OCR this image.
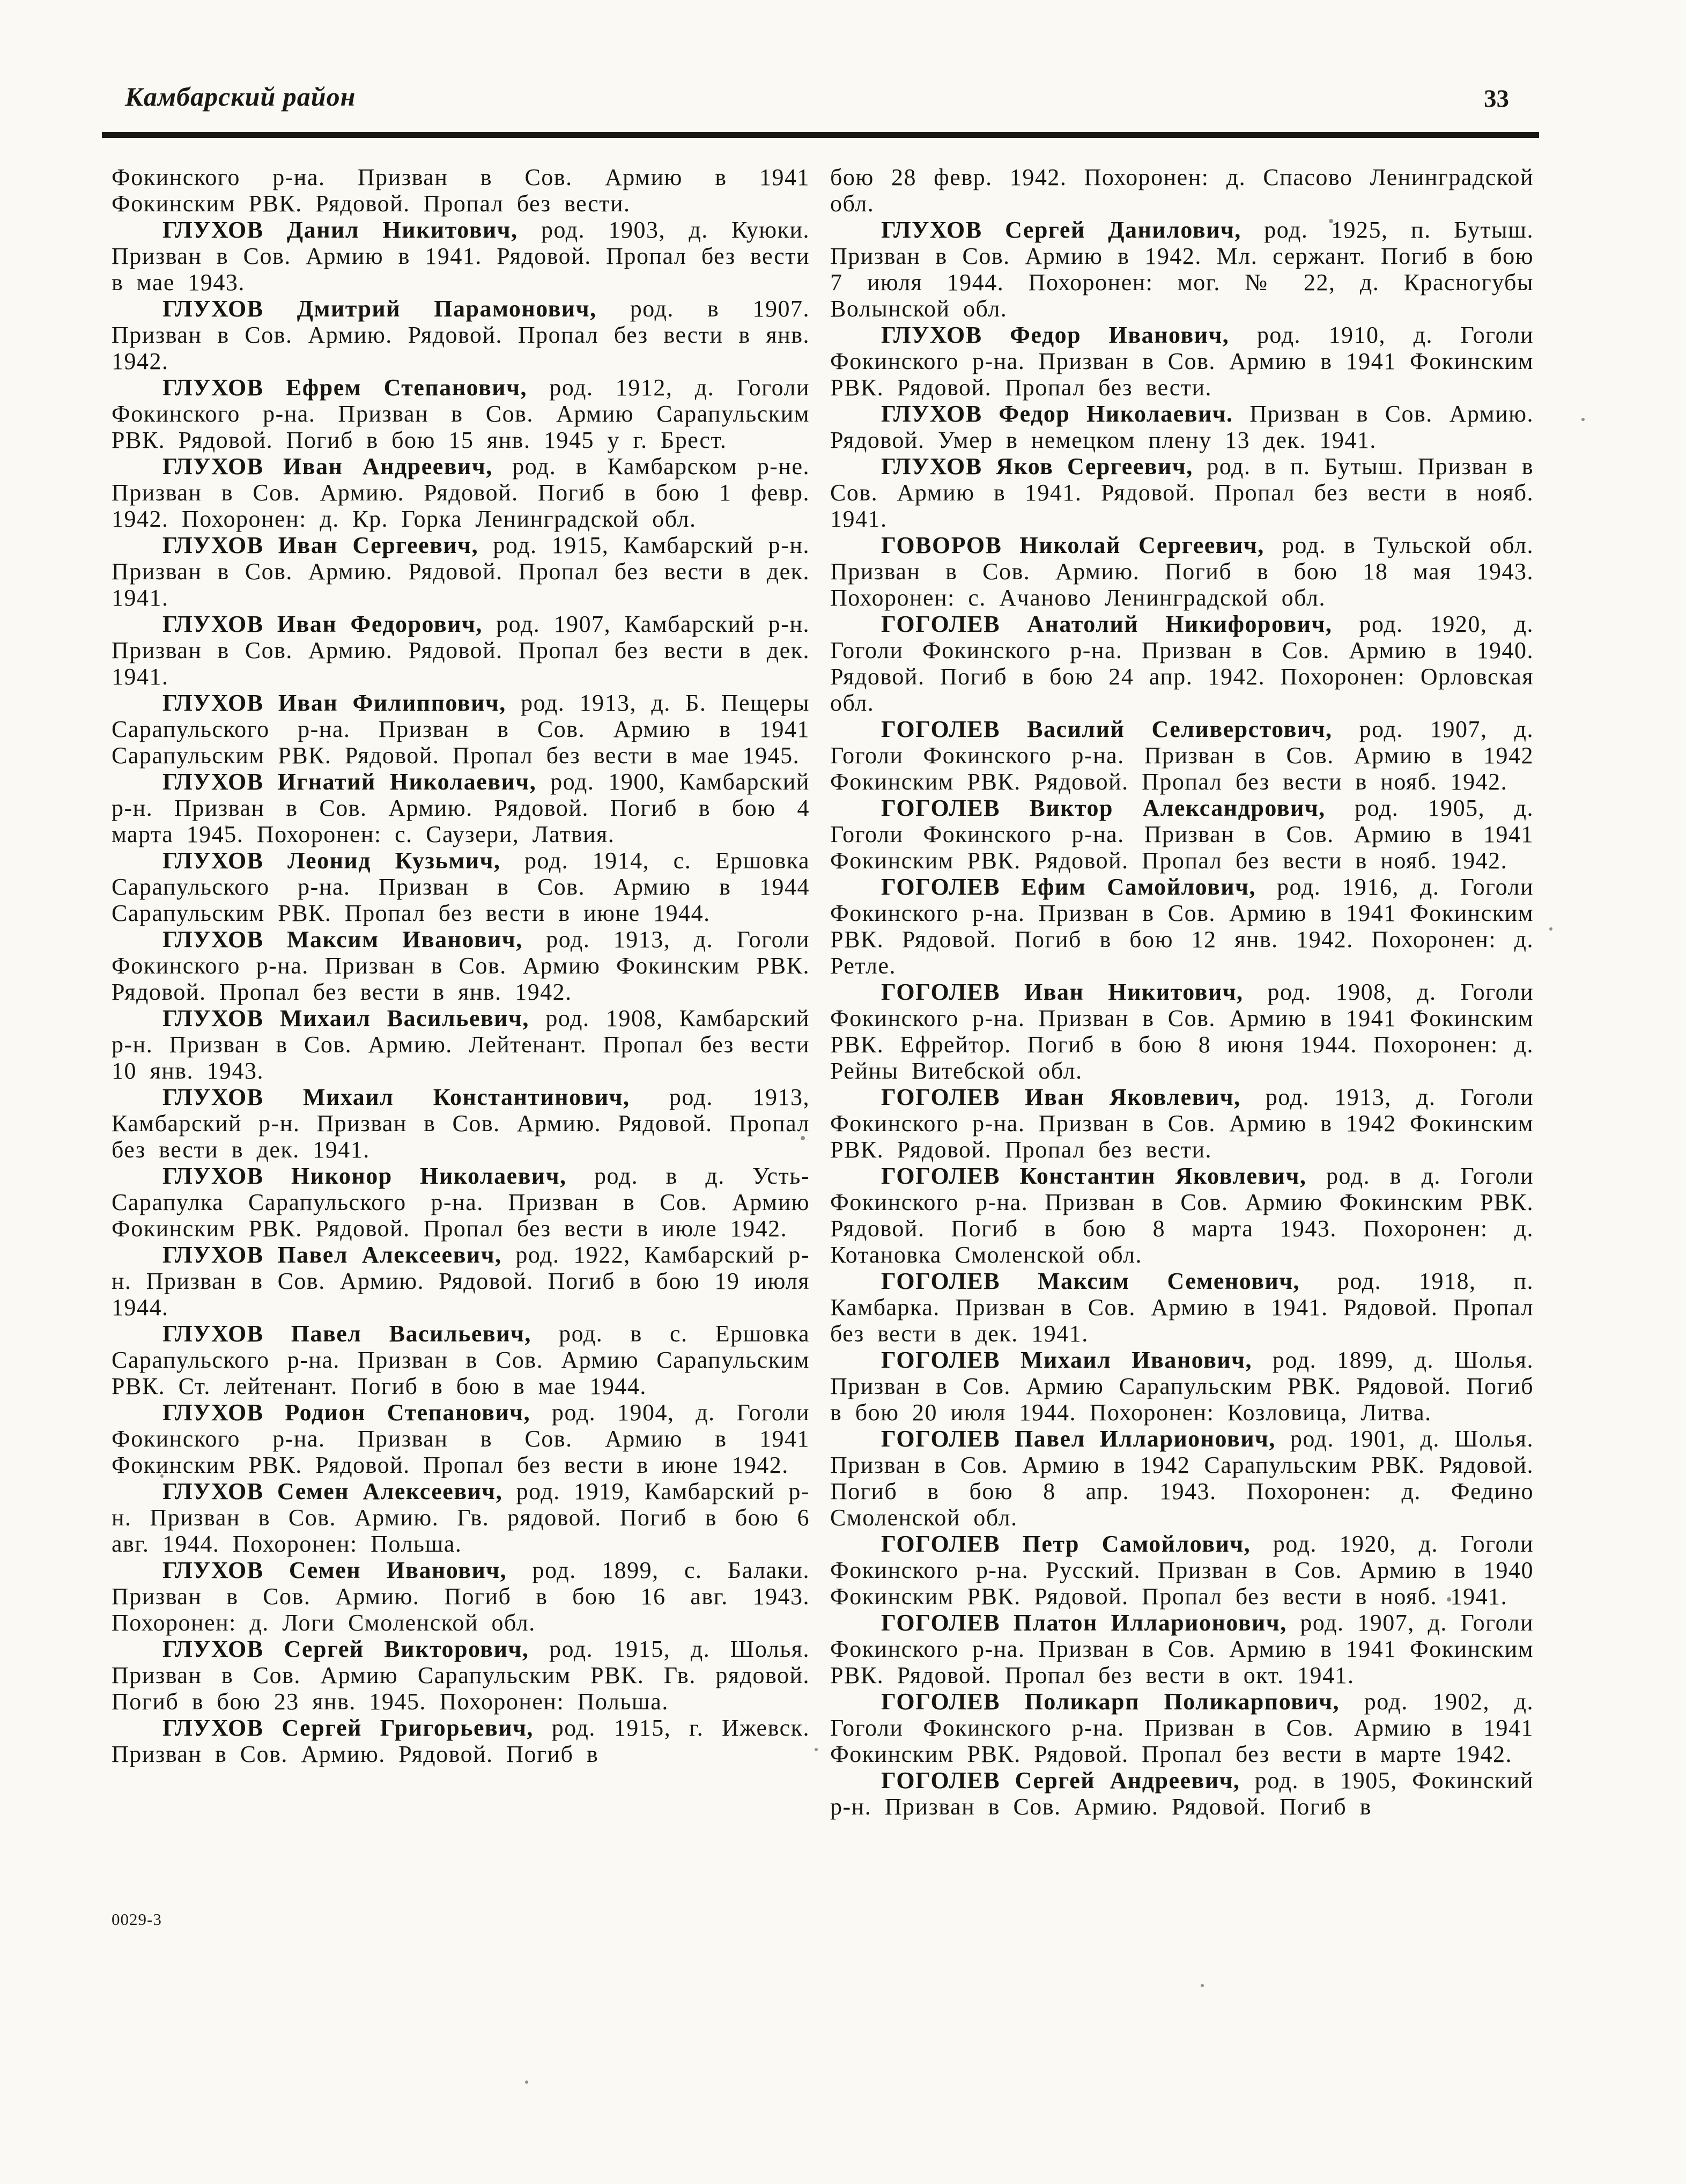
Камбарский район	33

Фокинского р-на. Призван в Сов. Армию в 1941 Фокинским РВК. Рядовой. Пропал без вести.

ГЛУХОВ Данил Никитович, род. 1903, д. Куюки. Призван в Сов. Армию в 1941. Рядовой. Пропал без вести в мае 1943.

ГЛУХОВ Дмитрий Парамонович, род. в 1907. Призван в Сов. Армию. Рядовой. Пропал без вести в янв. 1942.

ГЛУХОВ Ефрем Степанович, род. 1912, д. Гоголи Фокинского р-на. Призван в Сов. Армию Сарапульским РВК. Рядовой. Погиб в бою 15 янв. 1945 у г. Брест.

ГЛУХОВ Иван Андреевич, род. в Камбарском р-не. Призван в Сов. Армию. Рядовой. Погиб в бою 1 февр. 1942. Похоронен: д. Кр. Горка Ленинградской обл.

ГЛУХОВ Иван Сергеевич, род. 1915, Камбарский р-н. Призван в Сов. Армию. Рядовой. Пропал без вести в дек. 1941.

ГЛУХОВ Иван Федорович, род. 1907, Камбарский р-н. Призван в Сов. Армию. Рядовой. Пропал без вести в дек. 1941.

ГЛУХОВ Иван Филиппович, род. 1913, д. Б. Пещеры Сарапульского р-на. Призван в Сов. Армию в 1941 Сарапульским РВК. Рядовой. Пропал без вести в мае 1945.

ГЛУХОВ Игнатий Николаевич, род. 1900, Камбарский р-н. Призван в Сов. Армию. Рядовой. Погиб в бою 4 марта 1945. Похоронен: с. Саузери, Латвия.

ГЛУХОВ Леонид Кузьмич, род. 1914, с. Ершовка Сарапульского р-на. Призван в Сов. Армию в 1944 Сарапульским РВК. Пропал без вести в июне 1944.

ГЛУХОВ Максим Иванович, род. 1913, д. Гоголи Фокинского р-на. Призван в Сов. Армию Фокинским РВК. Рядовой. Пропал без вести в янв. 1942.

ГЛУХОВ Михаил Васильевич, род. 1908, Камбарский р-н. Призван в Сов. Армию. Лейтенант. Пропал без вести 10 янв. 1943.

ГЛУХОВ Михаил Константинович, род. 1913, Камбарский р-н. Призван в Сов. Армию. Рядовой. Пропал без вести в дек. 1941.

ГЛУХОВ Никонор Николаевич, род. в д. Усть-Сарапулка Сарапульского р-на. Призван в Сов. Армию Фокинским РВК. Рядовой. Пропал без вести в июле 1942.

ГЛУХОВ Павел Алексеевич, род. 1922, Камбарский р-н. Призван в Сов. Армию. Рядовой. Погиб в бою 19 июля 1944.

ГЛУХОВ Павел Васильевич, род. в с. Ершовка Сарапульского р-на. Призван в Сов. Армию Сарапульским РВК. Ст. лейтенант. Погиб в бою в мае 1944.

ГЛУХОВ Родион Степанович, род. 1904, д. Гоголи Фокинского р-на. Призван в Сов. Армию в 1941 Фокинским РВК. Рядовой. Пропал без вести в июне 1942.

ГЛУХОВ Семен Алексеевич, род. 1919, Камбарский р-н. Призван в Сов. Армию. Гв. рядовой. Погиб в бою 6 авг. 1944. Похоронен: Польша.

ГЛУХОВ Семен Иванович, род. 1899, с. Балаки. Призван в Сов. Армию. Погиб в бою 16 авг. 1943. Похоронен: д. Логи Смоленской обл.

ГЛУХОВ Сергей Викторович, род. 1915, д. Шолья. Призван в Сов. Армию Сарапульским РВК. Гв. рядовой. Погиб в бою 23 янв. 1945. Похоронен: Польша.

ГЛУХОВ Сергей Григорьевич, род. 1915, г. Ижевск. Призван в Сов. Армию. Рядовой. Погиб в

бою 28 февр. 1942. Похоронен: д. Спасово Ленинградской обл.

ГЛУХОВ Сергей Данилович, род. 1925, п. Бутыш. Призван в Сов. Армию в 1942. Мл. сержант. Погиб в бою 7 июля 1944. Похоронен: мог. № 22, д. Красногубы Волынской обл.

ГЛУХОВ Федор Иванович, род. 1910, д. Гоголи Фокинского р-на. Призван в Сов. Армию в 1941 Фокинским РВК. Рядовой. Пропал без вести.

ГЛУХОВ Федор Николаевич. Призван в Сов. Армию. Рядовой. Умер в немецком плену 13 дек. 1941.

ГЛУХОВ Яков Сергеевич, род. в п. Бутыш. Призван в Сов. Армию в 1941. Рядовой. Пропал без вести в нояб. 1941.

ГОВОРОВ Николай Сергеевич, род. в Тульской обл. Призван в Сов. Армию. Погиб в бою 18 мая 1943. Похоронен: с. Ачаново Ленинградской обл.

ГОГОЛЕВ Анатолий Никифорович, род. 1920, д. Гоголи Фокинского р-на. Призван в Сов. Армию в 1940. Рядовой. Погиб в бою 24 апр. 1942. Похоронен: Орловская обл.

ГОГОЛЕВ Василий Селиверстович, род. 1907, д. Гоголи Фокинского р-на. Призван в Сов. Армию в 1942 Фокинским РВК. Рядовой. Пропал без вести в нояб. 1942.

ГОГОЛЕВ Виктор Александрович, род. 1905, д. Гоголи Фокинского р-на. Призван в Сов. Армию в 1941 Фокинским РВК. Рядовой. Пропал без вести в нояб. 1942.

ГОГОЛЕВ Ефим Самойлович, род. 1916, д. Гоголи Фокинского р-на. Призван в Сов. Армию в 1941 Фокинским РВК. Рядовой. Погиб в бою 12 янв. 1942. Похоронен: д. Ретле.

ГОГОЛЕВ Иван Никитович, род. 1908, д. Гоголи Фокинского р-на. Призван в Сов. Армию в 1941 Фокинским РВК. Ефрейтор. Погиб в бою 8 июня 1944. Похоронен: д. Рейны Витебской обл.

ГОГОЛЕВ Иван Яковлевич, род. 1913, д. Гоголи Фокинского р-на. Призван в Сов. Армию в 1942 Фокинским РВК. Рядовой. Пропал без вести.

ГОГОЛЕВ Константин Яковлевич, род. в д. Гоголи Фокинского р-на. Призван в Сов. Армию Фокинским РВК. Рядовой. Погиб в бою 8 марта 1943. Похоронен: д. Котановка Смоленской обл.

ГОГОЛЕВ Максим Семенович, род. 1918, п. Камбарка. Призван в Сов. Армию в 1941. Рядовой. Пропал без вести в дек. 1941.

ГОГОЛЕВ Михаил Иванович, род. 1899, д. Шолья. Призван в Сов. Армию Сарапульским РВК. Рядовой. Погиб в бою 20 июля 1944. Похоронен: Козловица, Литва.

ГОГОЛЕВ Павел Илларионович, род. 1901, д. Шолья. Призван в Сов. Армию в 1942 Сарапульским РВК. Рядовой. Погиб в бою 8 апр. 1943. Похоронен: д. Федино Смоленской обл.

ГОГОЛЕВ Петр Самойлович, род. 1920, д. Гоголи Фокинского р-на. Русский. Призван в Сов. Армию в 1940 Фокинским РВК. Рядовой. Пропал без вести в нояб. 1941.

ГОГОЛЕВ Платон Илларионович, род. 1907, д. Гоголи Фокинского р-на. Призван в Сов. Армию в 1941 Фокинским РВК. Рядовой. Пропал без вести в окт. 1941.

ГОГОЛЕВ Поликарп Поликарпович, род. 1902, д. Гоголи Фокинского р-на. Призван в Сов. Армию в 1941 Фокинским РВК. Рядовой. Пропал без вести в марте 1942.

ГОГОЛЕВ Сергей Андреевич, род. в 1905, Фокинский р-н. Призван в Сов. Армию. Рядовой. Погиб в

0029-3
